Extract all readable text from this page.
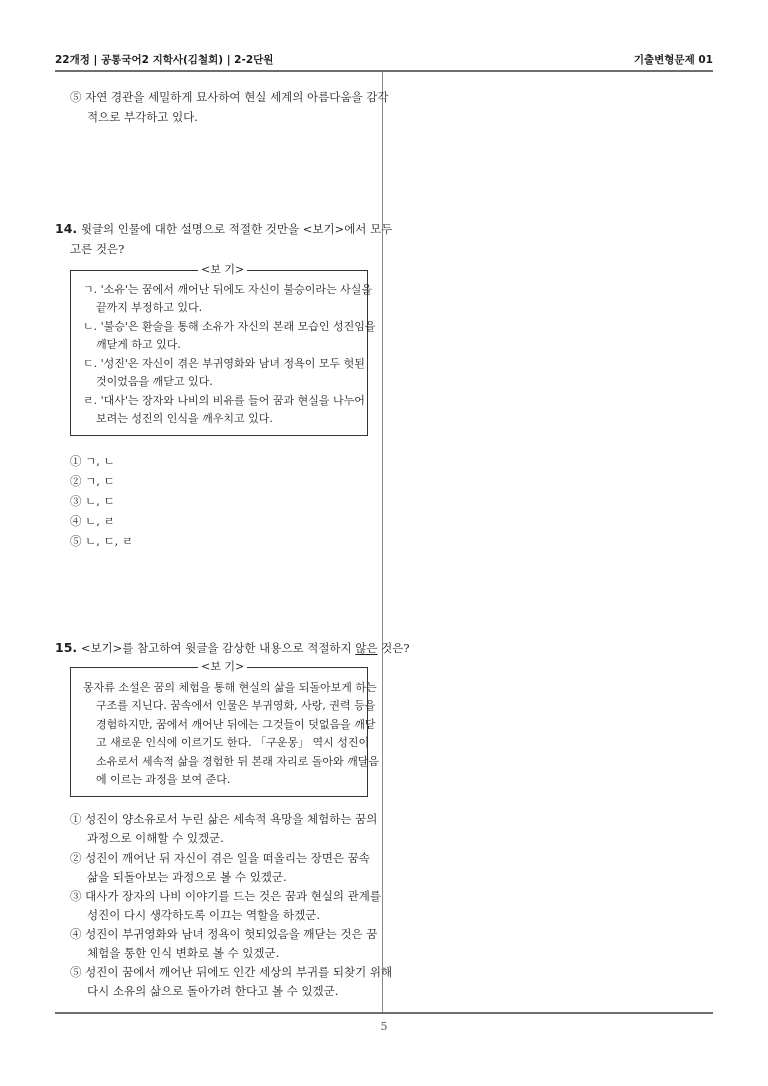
22개정 | 공통국어2 지학사(김철회) | 2-2단원	기출변형문제 01
⑤ 자연 경관을 세밀하게 묘사하여 현실 세계의 아름다움을 감각
적으로 부각하고 있다.
14. 윗글의 인물에 대한 설명으로 적절한 것만을 <보기>에서 모두
고른 것은?
<보 기>
ㄱ. '소유'는 꿈에서 깨어난 뒤에도 자신이 불승이라는 사실을
끝까지 부정하고 있다.
ㄴ. '불승'은 환술을 통해 소유가 자신의 본래 모습인 성진임을
깨닫게 하고 있다.
ㄷ. '성진'은 자신이 겪은 부귀영화와 남녀 정욕이 모두 헛된
것이었음을 깨닫고 있다.
ㄹ. '대사'는 장자와 나비의 비유를 들어 꿈과 현실을 나누어
보려는 성진의 인식을 깨우치고 있다.
① ㄱ, ㄴ
② ㄱ, ㄷ
③ ㄴ, ㄷ
④ ㄴ, ㄹ
⑤ ㄴ, ㄷ, ㄹ
15. <보기>를 참고하여 윗글을 감상한 내용으로 적절하지 않은 것은?
<보 기>
몽자류 소설은 꿈의 체험을 통해 현실의 삶을 되돌아보게 하는
구조를 지닌다. 꿈속에서 인물은 부귀영화, 사랑, 권력 등을
경험하지만, 꿈에서 깨어난 뒤에는 그것들이 덧없음을 깨닫
고 새로운 인식에 이르기도 한다. 「구운몽」 역시 성진이
소유로서 세속적 삶을 경험한 뒤 본래 자리로 돌아와 깨달음
에 이르는 과정을 보여 준다.
① 성진이 양소유로서 누린 삶은 세속적 욕망을 체험하는 꿈의
과정으로 이해할 수 있겠군.
② 성진이 깨어난 뒤 자신이 겪은 일을 떠올리는 장면은 꿈속
삶을 되돌아보는 과정으로 볼 수 있겠군.
③ 대사가 장자의 나비 이야기를 드는 것은 꿈과 현실의 관계를
성진이 다시 생각하도록 이끄는 역할을 하겠군.
④ 성진이 부귀영화와 남녀 정욕이 헛되었음을 깨닫는 것은 꿈
체험을 통한 인식 변화로 볼 수 있겠군.
⑤ 성진이 꿈에서 깨어난 뒤에도 인간 세상의 부귀를 되찾기 위해
다시 소유의 삶으로 돌아가려 한다고 볼 수 있겠군.
5
